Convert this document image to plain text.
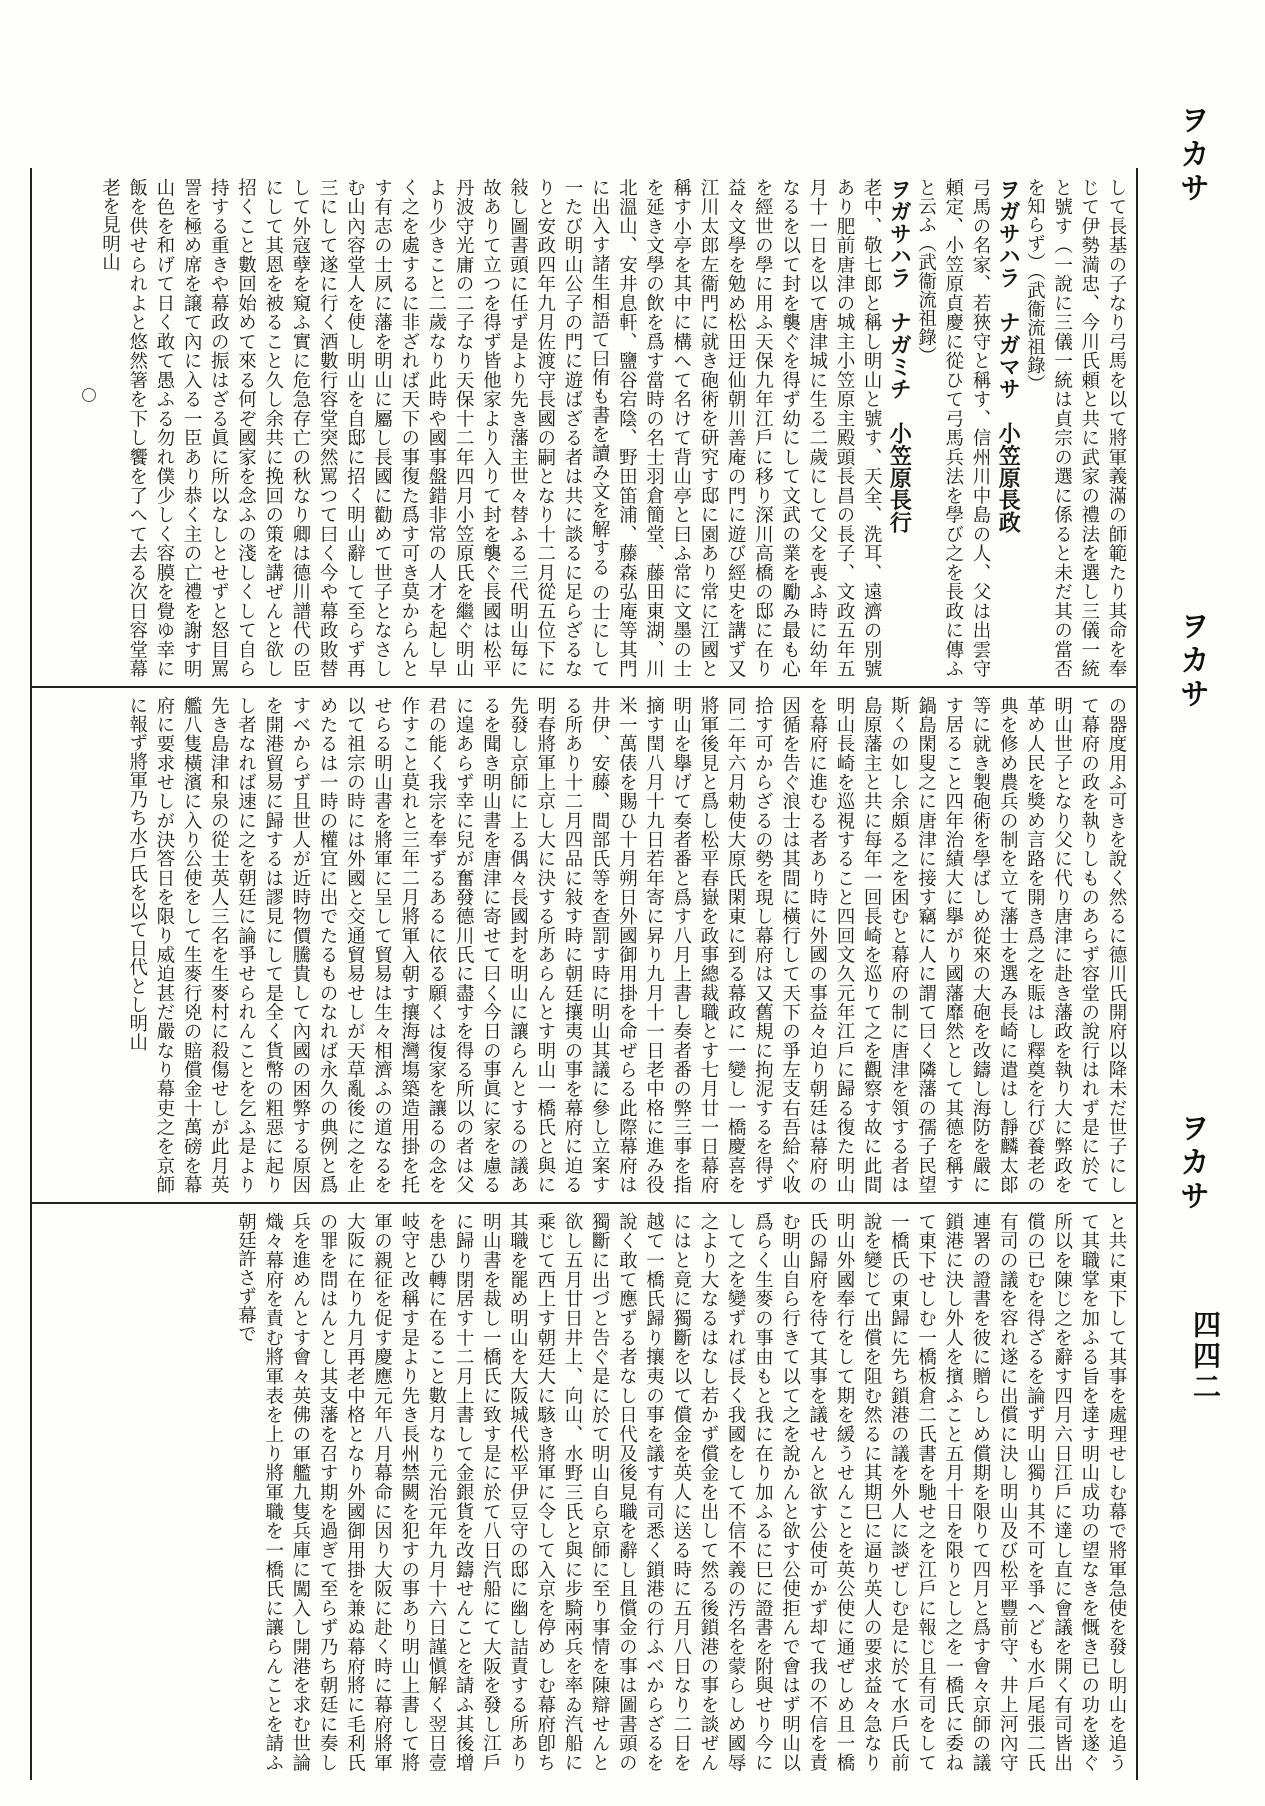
ヲカサ
ヲカサ
ヲカサ
四四二
して長基の子なり弓馬を以て將軍義滿の師範たり其命を奉じて伊勢満忠、今川氏頼と共に武家の禮法を選し三儀一統と號す（一說に三儀一統は貞宗の選に係ると未だ其の當否を知らず）（武衞流祖錄）
ヲガサハラ　ナガマサ　小笠原長政
弓馬の名家、若狹守と稱す、信州川中島の人、父は出雲守頼定、小笠原貞慶に從ひて弓馬兵法を學び之を長政に傳ふと云ふ（武衞流祖錄）
ヲガサハラ　ナガミチ　小笠原長行
老中、敬七郎と稱し明山と號す、天全、洗耳、遠濟の別號あり肥前唐津の城主小笠原主殿頭長昌の長子、文政五年五月十一日を以て唐津城に生る二歲にして父を喪ふ時に幼年なるを以て封を襲ぐを得ず幼にして文武の業を勵み最も心を經世の學に用ふ天保九年江戶に移り深川高橋の邸に在り益々文學を勉め松田迂仙朝川善庵の門に遊び經史を講ず又江川太郎左衞門に就き砲術を研究す邸に園あり常に江國と稱す小亭を其中に構へて名けて背山亭と曰ふ常に文墨の士を延き文學の飲を爲す當時の名士羽倉簡堂、藤田東湖、川北溫山、安井息軒、鹽谷宕陰、野田笛浦、藤森弘庵等其門に出入す諸生相語て曰侑も書を讀み文を解する の士にして一たび明山公子の門に遊ばざる者は共に談るに足らざるなりと安政四年九月佐渡守長國の嗣となり十二月從五位下に敍し圖書頭に任ず是より先き藩主世々替ふる三代明山毎に故ありて立つを得ず皆他家より入りて封を襲ぐ長國は松平丹波守光庸の二子なり天保十二年四月小笠原氏を繼ぐ明山より少きこと二歲なり此時や國事盤錯非常の人才を起し早く之を處するに非ざれば天下の事復た爲す可き莫からんとす有志の士夙に藩を明山に屬し長國に勸めて世子となさしむ山內容堂人を使し明山を自邸に招く明山辭して至らず再三にして遂に行く酒數行容堂突然罵つて曰く今や幕政敗替して外寇孽を窺ふ實に危急存亡の秋なり卿は德川譜代の臣にして其恩を被ること久し余共に挽回の策を講ぜんと欲し招くこと數回始めて來る何ぞ國家を念ふの淺しくして自ら持する重きや幕政の振はざる眞に所以なしとせずと怒目罵詈を極め席を譲て內に入る一臣あり恭く主の亡禮を謝す明山色を和げて日く敢て愚ふる勿れ僕少しく容膜を覺ゆ幸に飯を供せられよと悠然箸を下し饗を了へて去る次日容堂幕老を見明山
の器度用ふ可きを說く然るに德川氏開府以降未だ世子にして幕府の政を執りしものあらず容堂の說行はれず是に於て明山世子となり父に代り唐津に赴き藩政を執り大に弊政を革め人民を獎め言路を開き爲之を賑はし釋奠を行び養老の典を修め農兵の制を立て藩士を選み長崎に遣はし靜麟太郞等に就き製砲術を學ばしめ從來の大砲を改鑄し海防を嚴にす居ること四年治績大に擧がり國藩靡然として其德を稱す鍋島閑叟之に唐津に接す竊に人に謂て曰く隣藩の孺子民望斯くの如し余頗る之を困むと幕府の制に唐津を領する者は島原藩主と共に每年一回長崎を巡りて之を觀察す故に此間明山長崎を巡視すること四回文久元年江戶に歸る復た明山を幕府に進むる者あり時に外國の事益々迫り朝廷は幕府の因循を告ぐ浪士は其間に橫行して天下の爭左支右吾給ぐ收拾す可からざるの勢を現し幕府は又舊規に拘泥するを得ず同二年六月勅使大原氏閑東に到る幕政に一變し一橋慶喜を將軍後見と爲し松平春嶽を政事總裁職とす七月廿一日幕府明山を擧げて奏者番と爲す八月上書し奏者番の弊三事を指摘す閏八月十九日若年寄に昇り九月十一日老中格に進み役米一萬俵を賜ひ十月朔日外國御用掛を命ぜらる此際幕府は井伊、安藤、間部氏等を查罰す時に明山其議に參し立案する所あり十二月四品に敍す時に朝廷攘夷の事を幕府に迫る明春將軍上京し大に決する所あらんとす明山一橋氏と與に先發し京師に上る偶々長國封を明山に讓らんとするの議あるを聞き明山書を唐津に寄せて曰く今日の事眞に家を慮るに遑あらず幸に兒が奮發德川氏に盡すを得る所以の者は父君の能く我宗を奉ずるあるに依る願くは復家を讓るの念を作すこと莫れと三年二月將軍入朝す攘海灣塲築造用掛を托せらる明山書を將軍に呈して貿易は生々相濟ふの道なるを以て祖宗の時には外國と交通貿易せしが天草亂後に之を止めたるは一時の權宜に出でたるものなれば永久の典例と爲すべからず且世人が近時物價騰貴して內國の困弊する原因を開港貿易に歸するは謬見にして是全く貨幣の粗惡に起りし者なれば速に之を朝廷に論爭せられんことを乞ふ是より先き島津和泉の從士英人三名を生麥村に殺傷せしが此月英艦八隻橫濱に入り公使をして生麥行兇の賠償金十萬磅を幕府に要求せしが決答日を限り威迫甚だ嚴なり幕吏之を京師に報ず將軍乃ち水戶氏を以て日代とし明山
と共に東下して其事を處理せしむ幕で將軍急使を發し明山を追うて其職掌を加ふる旨を達す明山成功の望なきを慨き已の功を遂ぐ所以を陳じ之を辭す四月六日江戶に達し直に會議を開く有司皆出償の已むを得ざるを論ず明山獨り其不可を爭へども水戶尾張二氏有司の議を容れ遂に出償に決し明山及び松平豐前守、井上河內守連署の證書を彼に贈らしめ償期を限りて四月と爲す會々京師の議鎖港に決し外人を擯ふこと五月十日を限りとし之を一橋氏に委ねて東下せしむ一橋板倉二氏書を馳せ之を江戶に報じ且有司をして一橋氏の東歸に先ち鎖港の議を外人に談ぜしむ是に於て水戶氏前說を變じて出償を阻む然るに其期巳に逼り英人の要求益々急なり明山外國奉行をして期を緩うせんことを英公使に通ぜしめ且一橋氏の歸府を待て其事を議せんと欲す公使可かず却て我の不信を責む明山自ら行きて以て之を說かんと欲す公使拒んで會はず明山以爲らく生麥の事由もと我に在り加ふるに巳に證書を附與せり今にして之を變ずれば長く我國をして不信不義の汚名を蒙らしめ國辱之より大なるはなし若かず償金を出して然る後鎖港の事を談ぜんにはと竟に獨斷を以て償金を英人に送る時に五月八日なり二日を越て一橋氏歸り攘夷の事を議す有司悉く鎖港の行ふべからざるを說く敢て應ずる者なし日代及後見職を辭し且償金の事は圖書頭の獨斷に出づと告ぐ是に於て明山自ら京師に至り事情を陳辯せんと欲し五月廿日井上、向山、水野三氏と與に步騎兩兵を率ゐ汽船に乘じて西上す朝廷大に駭き將軍に令して入京を停めしむ幕府卽ち其職を罷め明山を大阪城代松平伊豆守の邸に幽し詰責する所あり明山書を裁し一橋氏に致す是に於て八日汽船にて大阪を發し江戶に歸り閉居す十二月上書して金銀貨を改鑄せんことを請ふ其後增を患ひ轉に在ること數月なり元治元年九月十六日謹愼解く翌日壹岐守と改稱す是より先き長州禁闕を犯すの事あり明山上書して將軍の親征を促す慶應元年八月幕命に因り大阪に赴く時に幕府將軍大阪に在り九月再老中格となり外國御用掛を兼ぬ幕府將に毛利氏の罪を問はんとし其支藩を召す期を過ぎて至らず乃ち朝廷に奏し兵を進めんとす會々英佛の軍艦九隻兵庫に闖入し開港を求む世論熾々幕府を責む將軍表を上り將軍職を一橋氏に讓らんことを請ふ朝廷許さず幕で
